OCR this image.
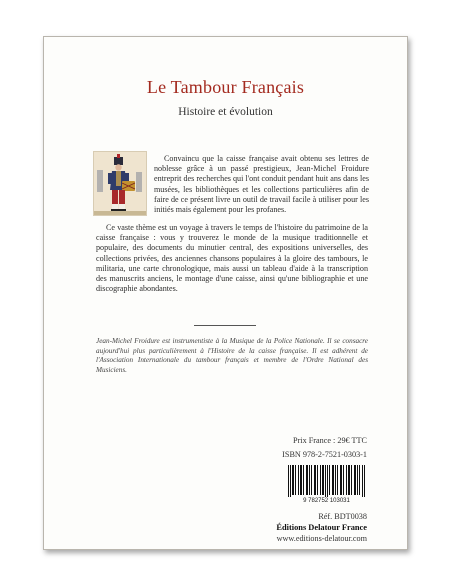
Le Tambour Français
Histoire et évolution

Convaincu que la caisse française avait obtenu ses lettres de noblesse grâce à un passé prestigieux, Jean-Michel Froidure entreprit des recherches qui l'ont conduit pendant huit ans dans les musées, les bibliothèques et les collections particulières afin de faire de ce présent livre un outil de travail facile à utiliser pour les initiés mais également pour les profanes.

Ce vaste thème est un voyage à travers le temps de l'histoire du patrimoine de la caisse française : vous y trouverez le monde de la musique traditionnelle et populaire, des documents du minutier central, des expositions universelles, des collections privées, des anciennes chansons populaires à la gloire des tambours, le militaria, une carte chronologique, mais aussi un tableau d'aide à la transcription des manuscrits anciens, le montage d'une caisse, ainsi qu'une bibliographie et une discographie abondantes.

Jean-Michel Froidure est instrumentiste à la Musique de la Police Nationale. Il se consacre aujourd'hui plus particulièrement à l'Histoire de la caisse française. Il est adhérent de l'Association Internationale du tambour français et membre de l'Ordre National des Musiciens.

Prix France : 29€ TTC
ISBN 978-2-7521-0303-1
9 782752 103031
Réf. BDT0038
Éditions Delatour France
www.editions-delatour.com
